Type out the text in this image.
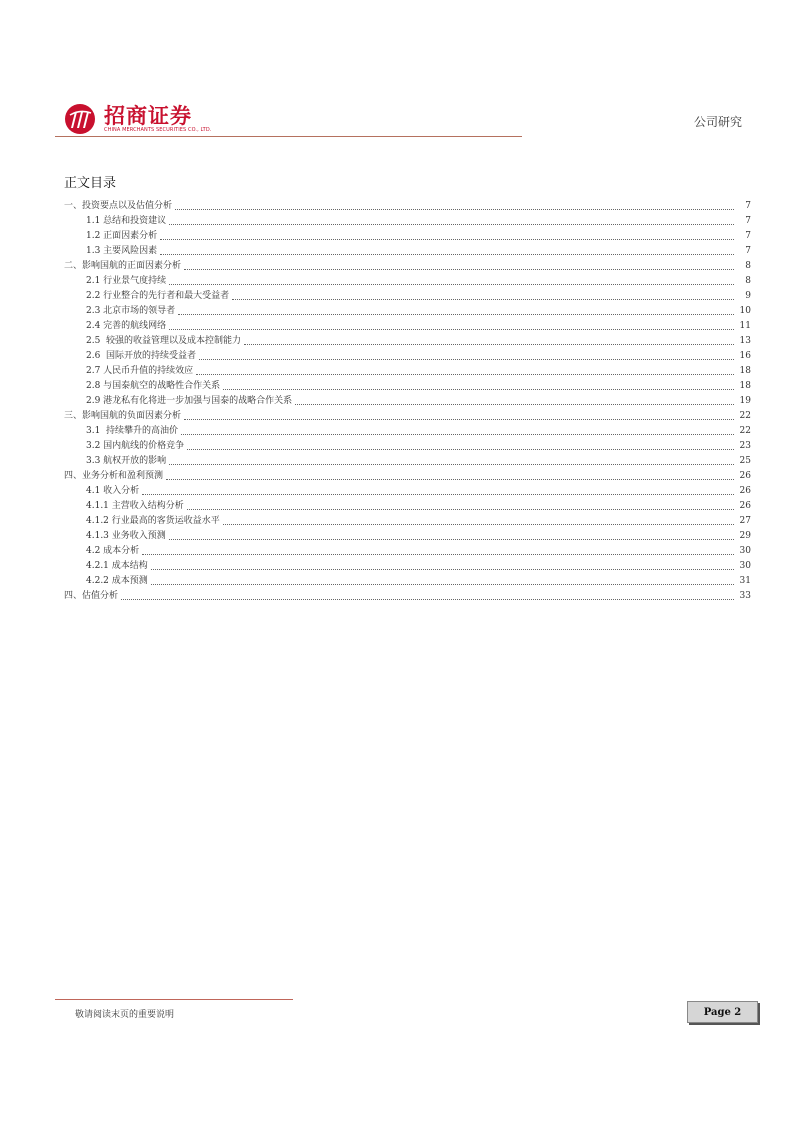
招商证券
CHINA MERCHANTS SECURITIES CO., LTD.
公司研究
正文目录
一、投资要点以及估值分析	7
1.1 总结和投资建议	7
1.2 正面因素分析	7
1.3 主要风险因素	7
二、影响国航的正面因素分析	8
2.1 行业景气度持续	8
2.2 行业整合的先行者和最大受益者	9
2.3 北京市场的领导者	10
2.4 完善的航线网络	11
2.5  较强的收益管理以及成本控制能力	13
2.6  国际开放的持续受益者	16
2.7 人民币升值的持续效应	18
2.8 与国泰航空的战略性合作关系	18
2.9 港龙私有化将进一步加强与国泰的战略合作关系	19
三、影响国航的负面因素分析	22
3.1  持续攀升的高油价	22
3.2 国内航线的价格竞争	23
3.3 航权开放的影响	25
四、业务分析和盈利预测	26
4.1 收入分析	26
4.1.1 主营收入结构分析	26
4.1.2 行业最高的客货运收益水平	27
4.1.3 业务收入预测	29
4.2 成本分析	30
4.2.1 成本结构	30
4.2.2 成本预测	31
四、估值分析	33
敬请阅读末页的重要说明	Page 2
